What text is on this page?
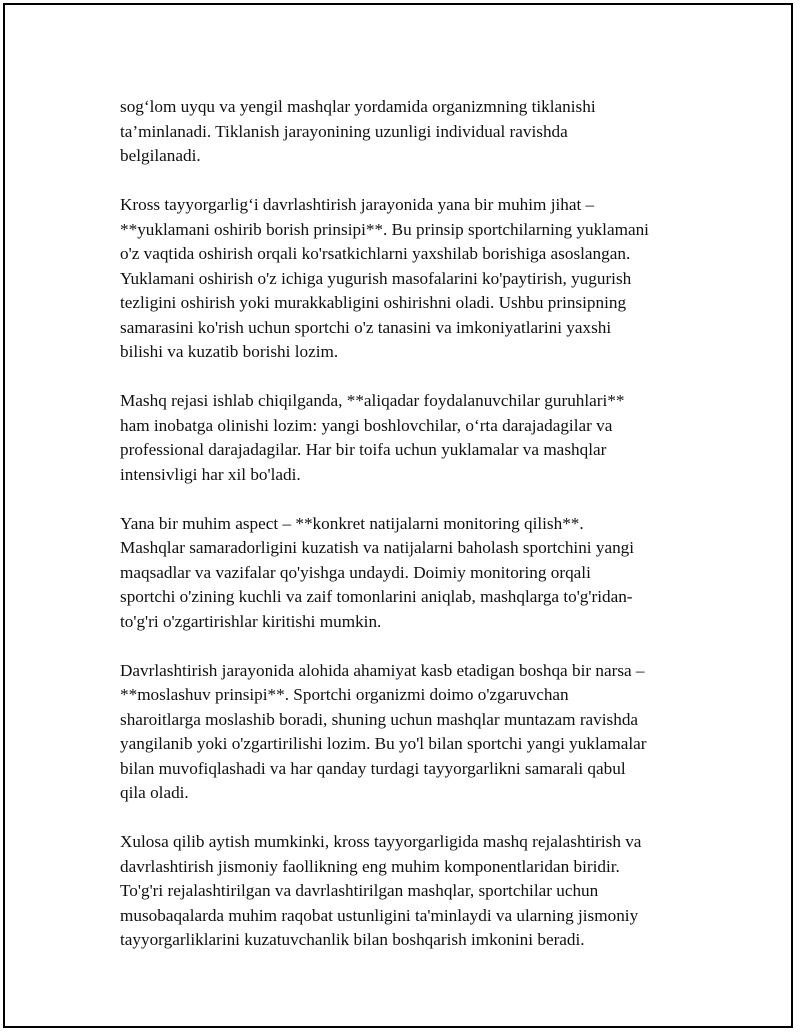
sog‘lom uyqu va yengil mashqlar yordamida organizmning tiklanishi
ta’minlanadi. Tiklanish jarayonining uzunligi individual ravishda
belgilanadi.

Kross tayyorgarlig‘i davrlashtirish jarayonida yana bir muhim jihat –
**yuklamani oshirib borish prinsipi**. Bu prinsip sportchilarning yuklamani
o'z vaqtida oshirish orqali ko'rsatkichlarni yaxshilab borishiga asoslangan.
Yuklamani oshirish o'z ichiga yugurish masofalarini ko'paytirish, yugurish
tezligini oshirish yoki murakkabligini oshirishni oladi. Ushbu prinsipning
samarasini ko'rish uchun sportchi o'z tanasini va imkoniyatlarini yaxshi
bilishi va kuzatib borishi lozim.

Mashq rejasi ishlab chiqilganda, **aliqadar foydalanuvchilar guruhlari**
ham inobatga olinishi lozim: yangi boshlovchilar, o‘rta darajadagilar va
professional darajadagilar. Har bir toifa uchun yuklamalar va mashqlar
intensivligi har xil bo'ladi.

Yana bir muhim aspect – **konkret natijalarni monitoring qilish**.
Mashqlar samaradorligini kuzatish va natijalarni baholash sportchini yangi
maqsadlar va vazifalar qo'yishga undaydi. Doimiy monitoring orqali
sportchi o'zining kuchli va zaif tomonlarini aniqlab, mashqlarga to'g'ridan-
to'g'ri o'zgartirishlar kiritishi mumkin.

Davrlashtirish jarayonida alohida ahamiyat kasb etadigan boshqa bir narsa –
**moslashuv prinsipi**. Sportchi organizmi doimo o'zgaruvchan
sharoitlarga moslashib boradi, shuning uchun mashqlar muntazam ravishda
yangilanib yoki o'zgartirilishi lozim. Bu yo'l bilan sportchi yangi yuklamalar
bilan muvofiqlashadi va har qanday turdagi tayyorgarlikni samarali qabul
qila oladi.

Xulosa qilib aytish mumkinki, kross tayyorgarligida mashq rejalashtirish va
davrlashtirish jismoniy faollikning eng muhim komponentlaridan biridir.
To'g'ri rejalashtirilgan va davrlashtirilgan mashqlar, sportchilar uchun
musobaqalarda muhim raqobat ustunligini ta'minlaydi va ularning jismoniy
tayyorgarliklarini kuzatuvchanlik bilan boshqarish imkonini beradi.
